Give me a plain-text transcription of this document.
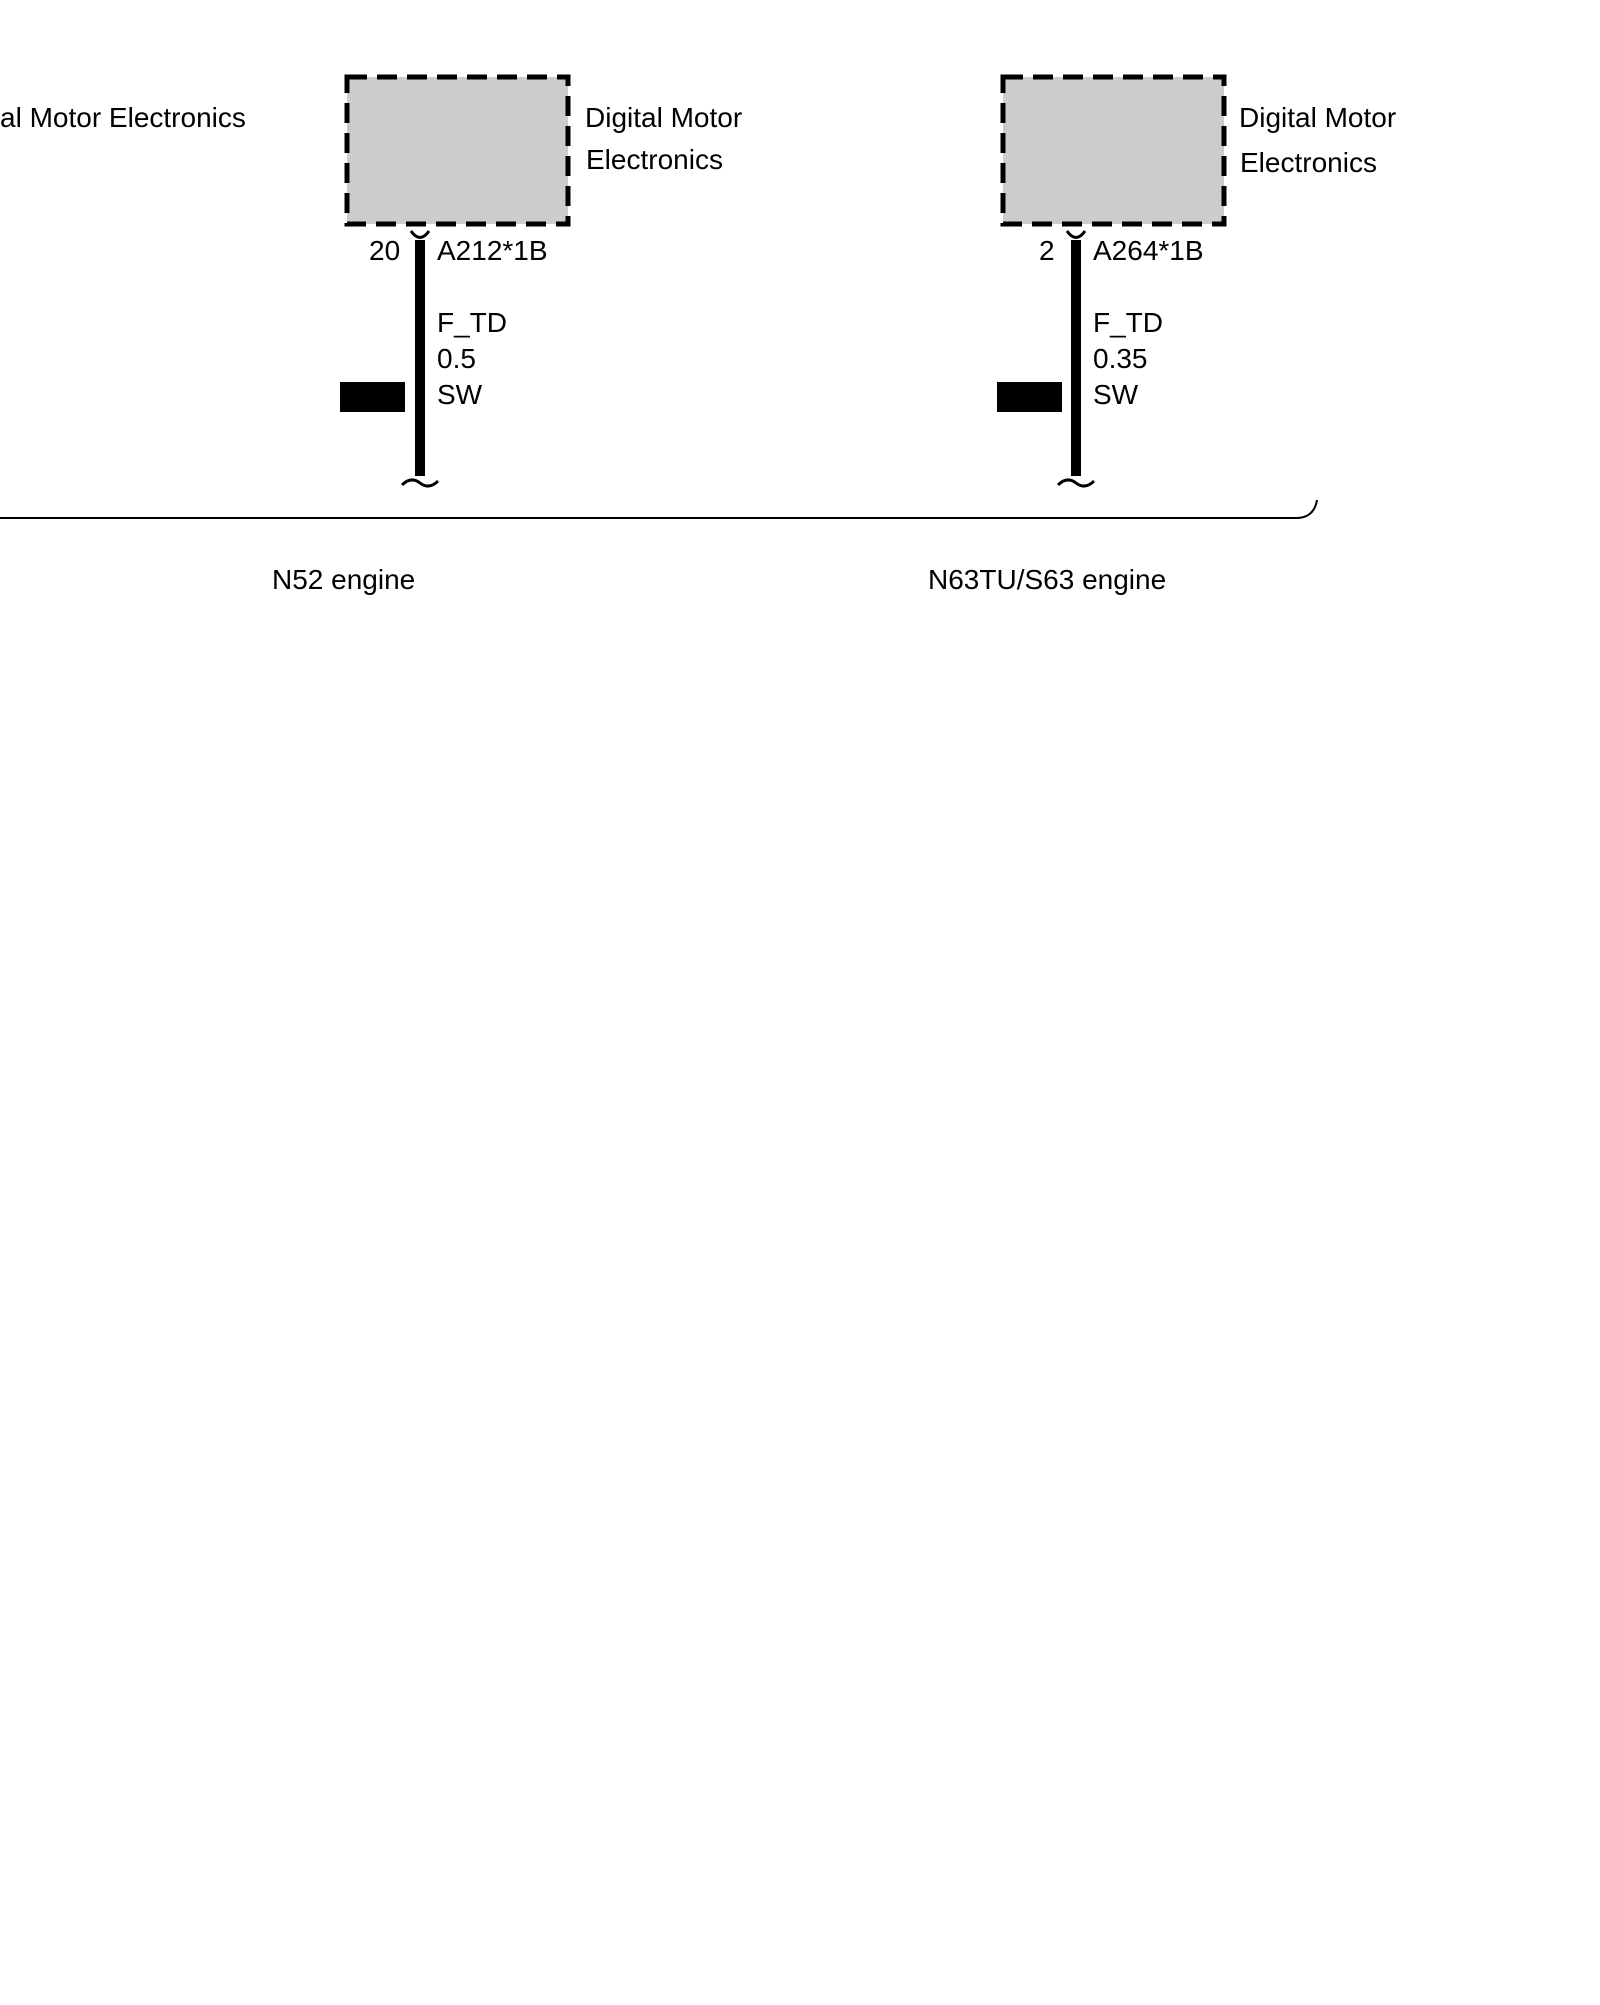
al Motor Electronics	Digital Motor
Electronics
20 A212*1B
F_TD
0.5
SW
N52 engine
Digital Motor
Electronics
2 A264*1B
F_TD
0.35
SW
N63TU/S63 engine
